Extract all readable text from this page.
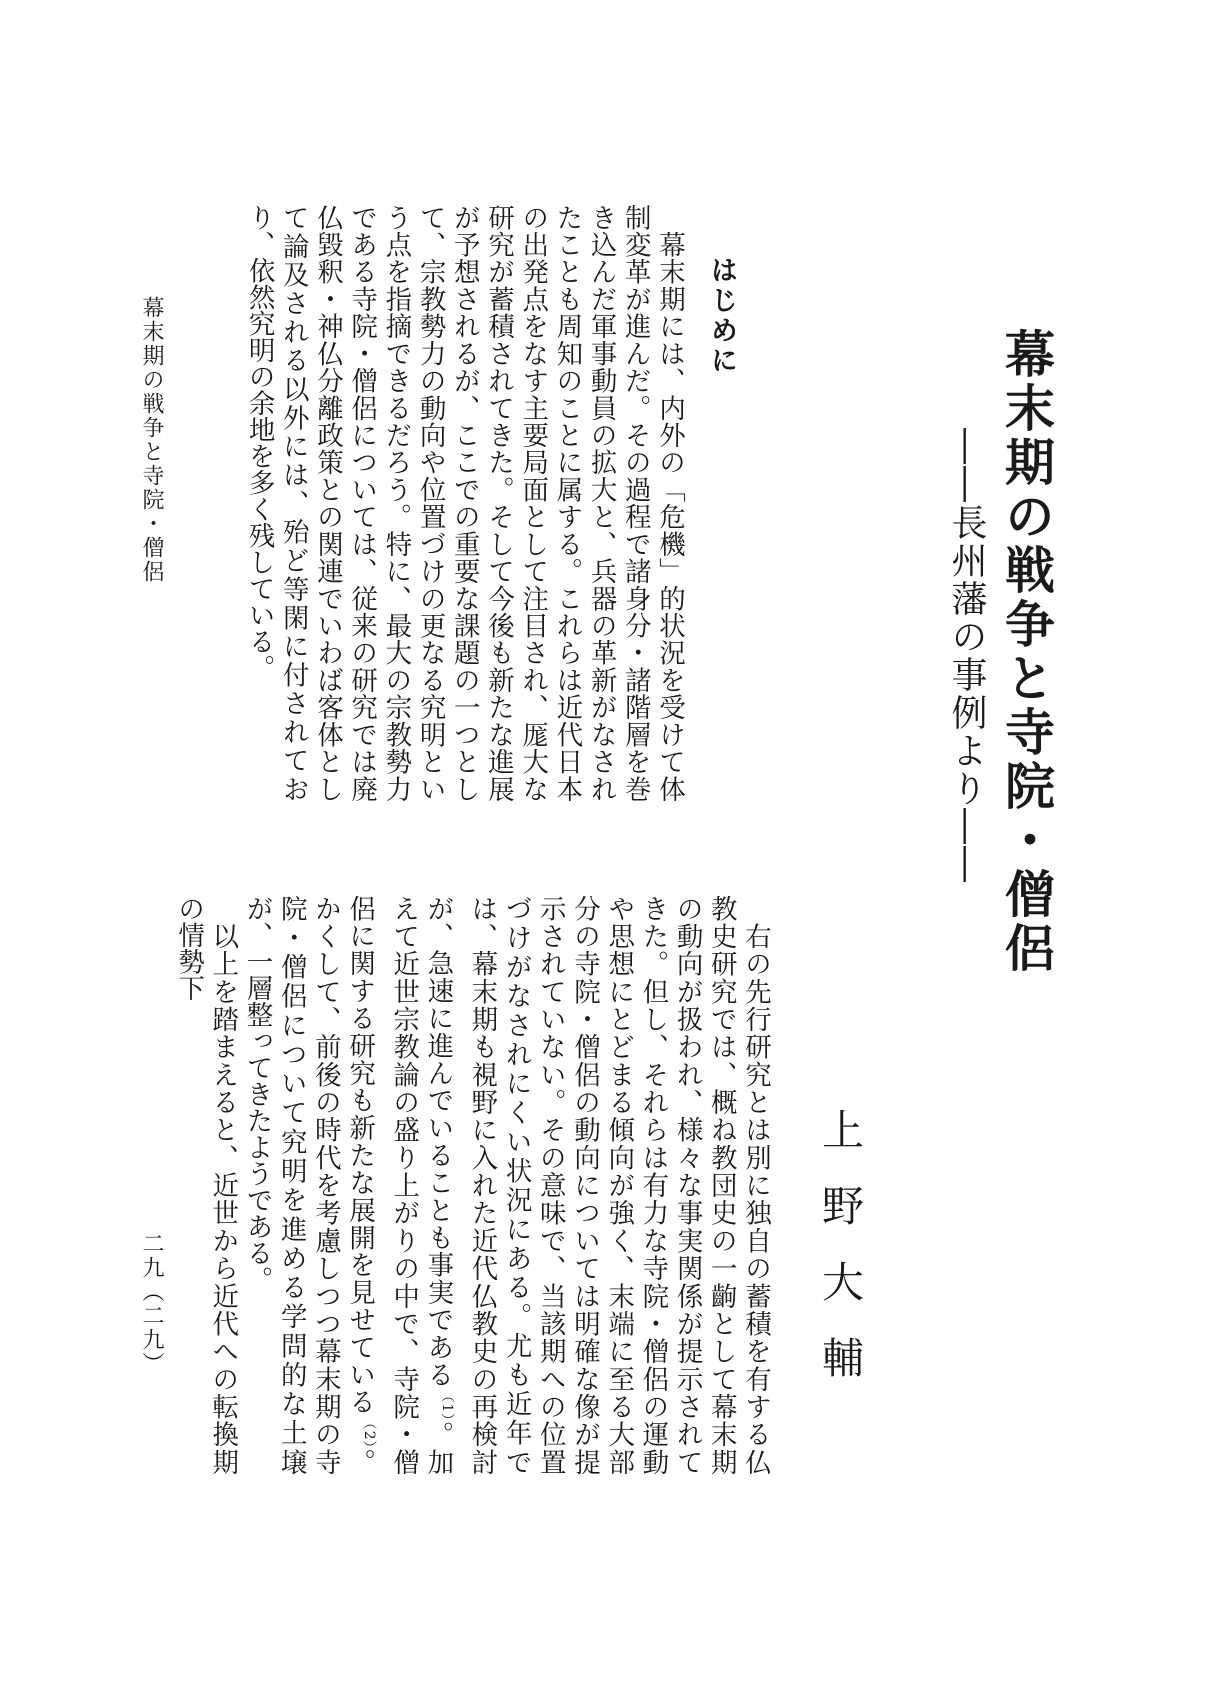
幕末期の戦争と寺院・僧侶
――長州藩の事例より――
上野大輔
はじめに

　幕末期には、内外の「危機」的状況を受けて体制変革が進んだ。その過程で諸身分・諸階層を巻き込んだ軍事動員の拡大と、兵器の革新がなされたことも周知のことに属する。これらは近代日本の出発点をなす主要局面として注目され、厖大な研究が蓄積されてきた。そして今後も新たな進展が予想されるが、ここでの重要な課題の一つとして、宗教勢力の動向や位置づけの更なる究明という点を指摘できるだろう。特に、最大の宗教勢力である寺院・僧侶については、従来の研究では廃仏毀釈・神仏分離政策との関連でいわば客体として論及される以外には、殆ど等閑に付されており、依然究明の余地を多く残している。

　右の先行研究とは別に独自の蓄積を有する仏教史研究では、概ね教団史の一齣として幕末期の動向が扱われ、様々な事実関係が提示されてきた。但し、それらは有力な寺院・僧侶の運動や思想にとどまる傾向が強く、末端に至る大部分の寺院・僧侶の動向については明確な像が提示されていない。その意味で、当該期への位置づけがなされにくい状況にある。尤も近年では、幕末期も視野に入れた近代仏教史の再検討が、急速に進んでいることも事実である$^{(1)}$。加えて近世宗教論の盛り上がりの中で、寺院・僧侶に関する研究も新たな展開を見せている$^{(2)}$。かくして、前後の時代を考慮しつつ幕末期の寺院・僧侶について究明を進める学問的な土壌が、一層整ってきたようである。

　以上を踏まえると、近世から近代への転換期の情勢下

幕末期の戦争と寺院・僧侶
二九（二九）
